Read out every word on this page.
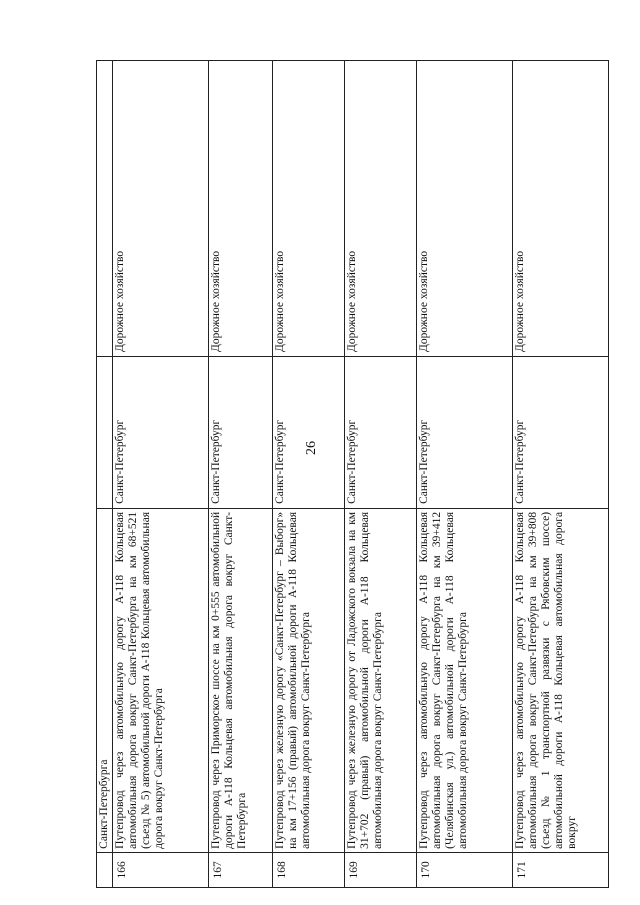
26
	Санкт-Петербурга		
166	Путепровод через автомобильную дорогу А-118 Кольцевая автомобильная дорога вокруг Санкт-Петербурга на км 68+521 (съезд № 5) автомобильной дороги А-118 Кольцевая автомобильная дорога вокруг Санкт-Петербурга	Санкт-Петербург	Дорожное хозяйство
167	Путепровод через Приморское шоссе на км 0+555 автомобильной дороги А-118 Кольцевая автомобильная дорога вокруг Санкт-Петербурга	Санкт-Петербург	Дорожное хозяйство
168	Путепровод через железную дорогу «Санкт-Петербург – Выборг» на км 17+156 (правый) автомобильной дороги А-118 Кольцевая автомобильная дорога вокруг Санкт-Петербурга	Санкт-Петербург	Дорожное хозяйство
169	Путепровод через железную дорогу от Ладожского вокзала на км 31+702 (правый) автомобильной дороги А-118 Кольцевая автомобильная дорога вокруг Санкт-Петербурга	Санкт-Петербург	Дорожное хозяйство
170	Путепровод через автомобильную дорогу А-118 Кольцевая автомобильная дорога вокруг Санкт-Петербурга на км 39+412 (Челябинская ул.) автомобильной дороги А-118 Кольцевая автомобильная дорога вокруг Санкт-Петербурга	Санкт-Петербург	Дорожное хозяйство
171	Путепровод через автомобильную дорогу А-118 Кольцевая автомобильная дорога вокруг Санкт-Петербурга на км 39+808 (съезд № 1 транспортной развязки с Рябовским шоссе) автомобильной дороги А-118 Кольцевая автомобильная дорога вокруг	Санкт-Петербург	Дорожное хозяйство
